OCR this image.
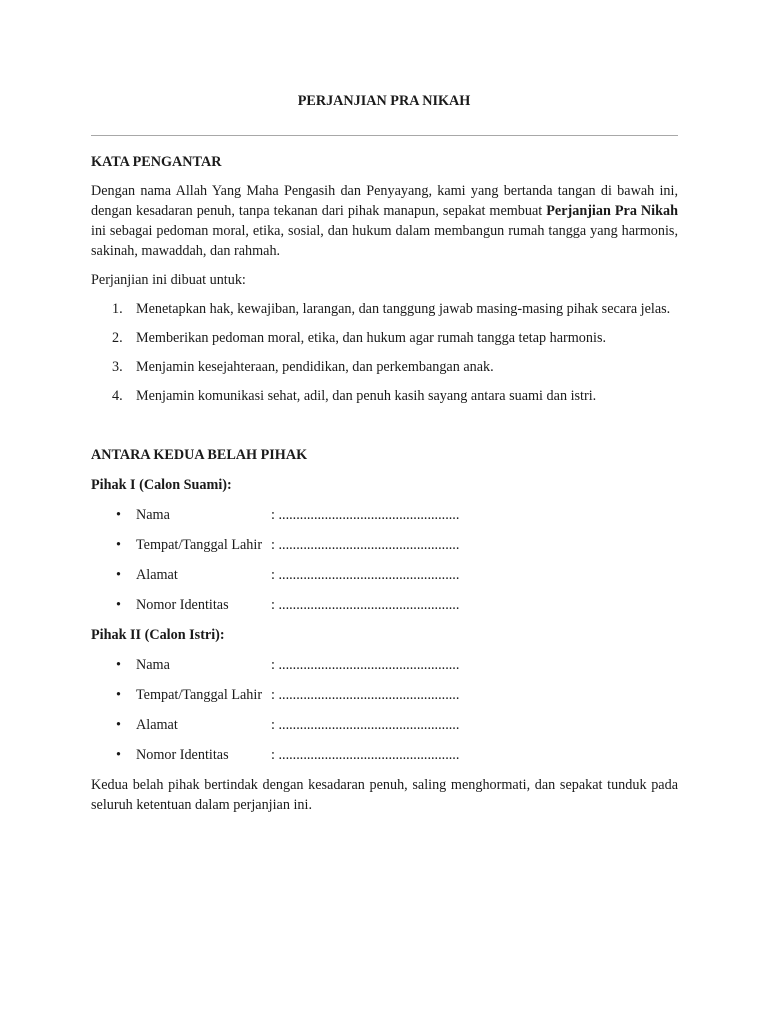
PERJANJIAN PRA NIKAH
KATA PENGANTAR

Dengan nama Allah Yang Maha Pengasih dan Penyayang, kami yang bertanda tangan di bawah ini, dengan kesadaran penuh, tanpa tekanan dari pihak manapun, sepakat membuat Perjanjian Pra Nikah ini sebagai pedoman moral, etika, sosial, dan hukum dalam membangun rumah tangga yang harmonis, sakinah, mawaddah, dan rahmah.

Perjanjian ini dibuat untuk:

1. Menetapkan hak, kewajiban, larangan, dan tanggung jawab masing-masing pihak secara jelas.
2. Memberikan pedoman moral, etika, dan hukum agar rumah tangga tetap harmonis.
3. Menjamin kesejahteraan, pendidikan, dan perkembangan anak.
4. Menjamin komunikasi sehat, adil, dan penuh kasih sayang antara suami dan istri.
ANTARA KEDUA BELAH PIHAK
Pihak I (Calon Suami):
• Nama	: ...................................................
• Tempat/Tanggal Lahir : ...................................................
• Alamat	: ...................................................
• Nomor Identitas	: ...................................................
Pihak II (Calon Istri):
• Nama	: ...................................................
• Tempat/Tanggal Lahir : ...................................................
• Alamat	: ...................................................
• Nomor Identitas	: ...................................................

Kedua belah pihak bertindak dengan kesadaran penuh, saling menghormati, dan sepakat tunduk pada seluruh ketentuan dalam perjanjian ini.
